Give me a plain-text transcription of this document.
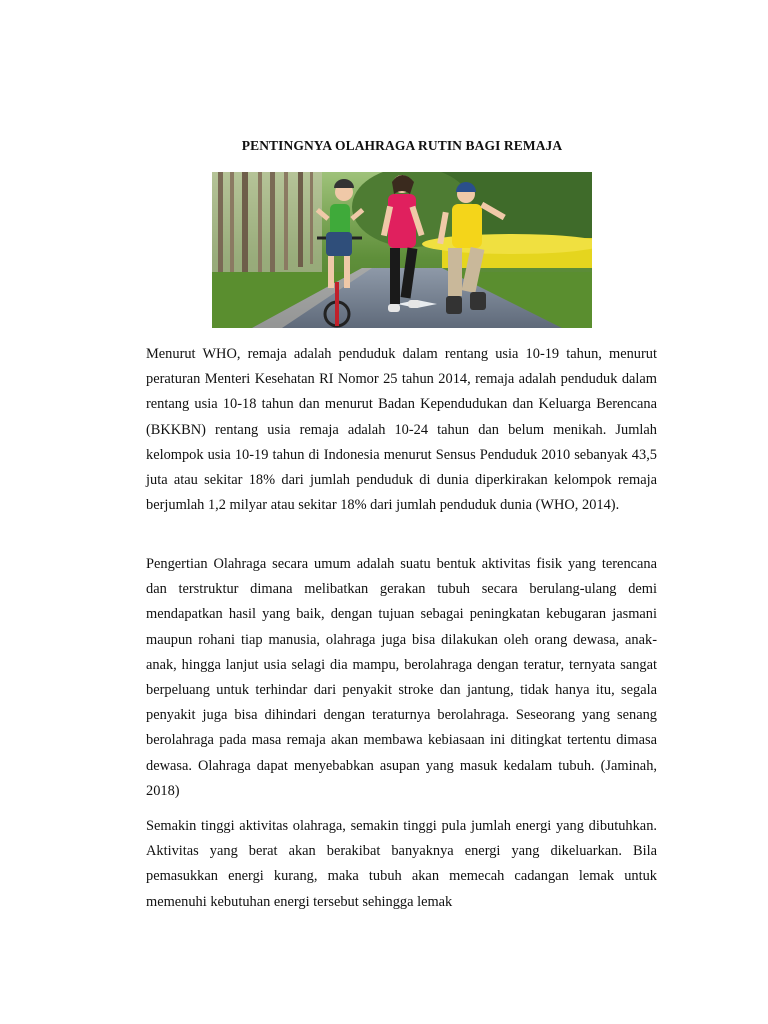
PENTINGNYA OLAHRAGA RUTIN BAGI REMAJA

Menurut WHO, remaja adalah penduduk dalam rentang usia 10-19 tahun, menurut peraturan Menteri Kesehatan RI Nomor 25 tahun 2014, remaja adalah penduduk dalam rentang usia 10-18 tahun dan menurut Badan Kependudukan dan Keluarga Berencana (BKKBN) rentang usia remaja adalah 10-24 tahun dan belum menikah. Jumlah kelompok usia 10-19 tahun di Indonesia menurut Sensus Penduduk 2010 sebanyak 43,5 juta atau sekitar 18% dari jumlah penduduk di dunia diperkirakan kelompok remaja berjumlah 1,2 milyar atau sekitar 18% dari jumlah penduduk dunia (WHO, 2014).

Pengertian Olahraga secara umum adalah suatu bentuk aktivitas fisik yang terencana dan terstruktur dimana melibatkan gerakan tubuh secara berulang-ulang demi mendapatkan hasil yang baik, dengan tujuan sebagai peningkatan kebugaran jasmani maupun rohani tiap manusia, olahraga juga bisa dilakukan oleh orang dewasa, anak-anak, hingga lanjut usia selagi dia mampu, berolahraga dengan teratur, ternyata sangat berpeluang untuk terhindar dari penyakit stroke dan jantung, tidak hanya itu, segala penyakit juga bisa dihindari dengan teraturnya berolahraga. Seseorang yang senang berolahraga pada masa remaja akan membawa kebiasaan ini ditingkat tertentu dimasa dewasa. Olahraga dapat menyebabkan asupan yang masuk kedalam tubuh. (Jaminah, 2018)

Semakin tinggi aktivitas olahraga, semakin tinggi pula jumlah energi yang dibutuhkan. Aktivitas yang berat akan berakibat banyaknya energi yang dikeluarkan. Bila pemasukkan energi kurang, maka tubuh akan memecah cadangan lemak untuk memenuhi kebutuhan energi tersebut sehingga lemak
